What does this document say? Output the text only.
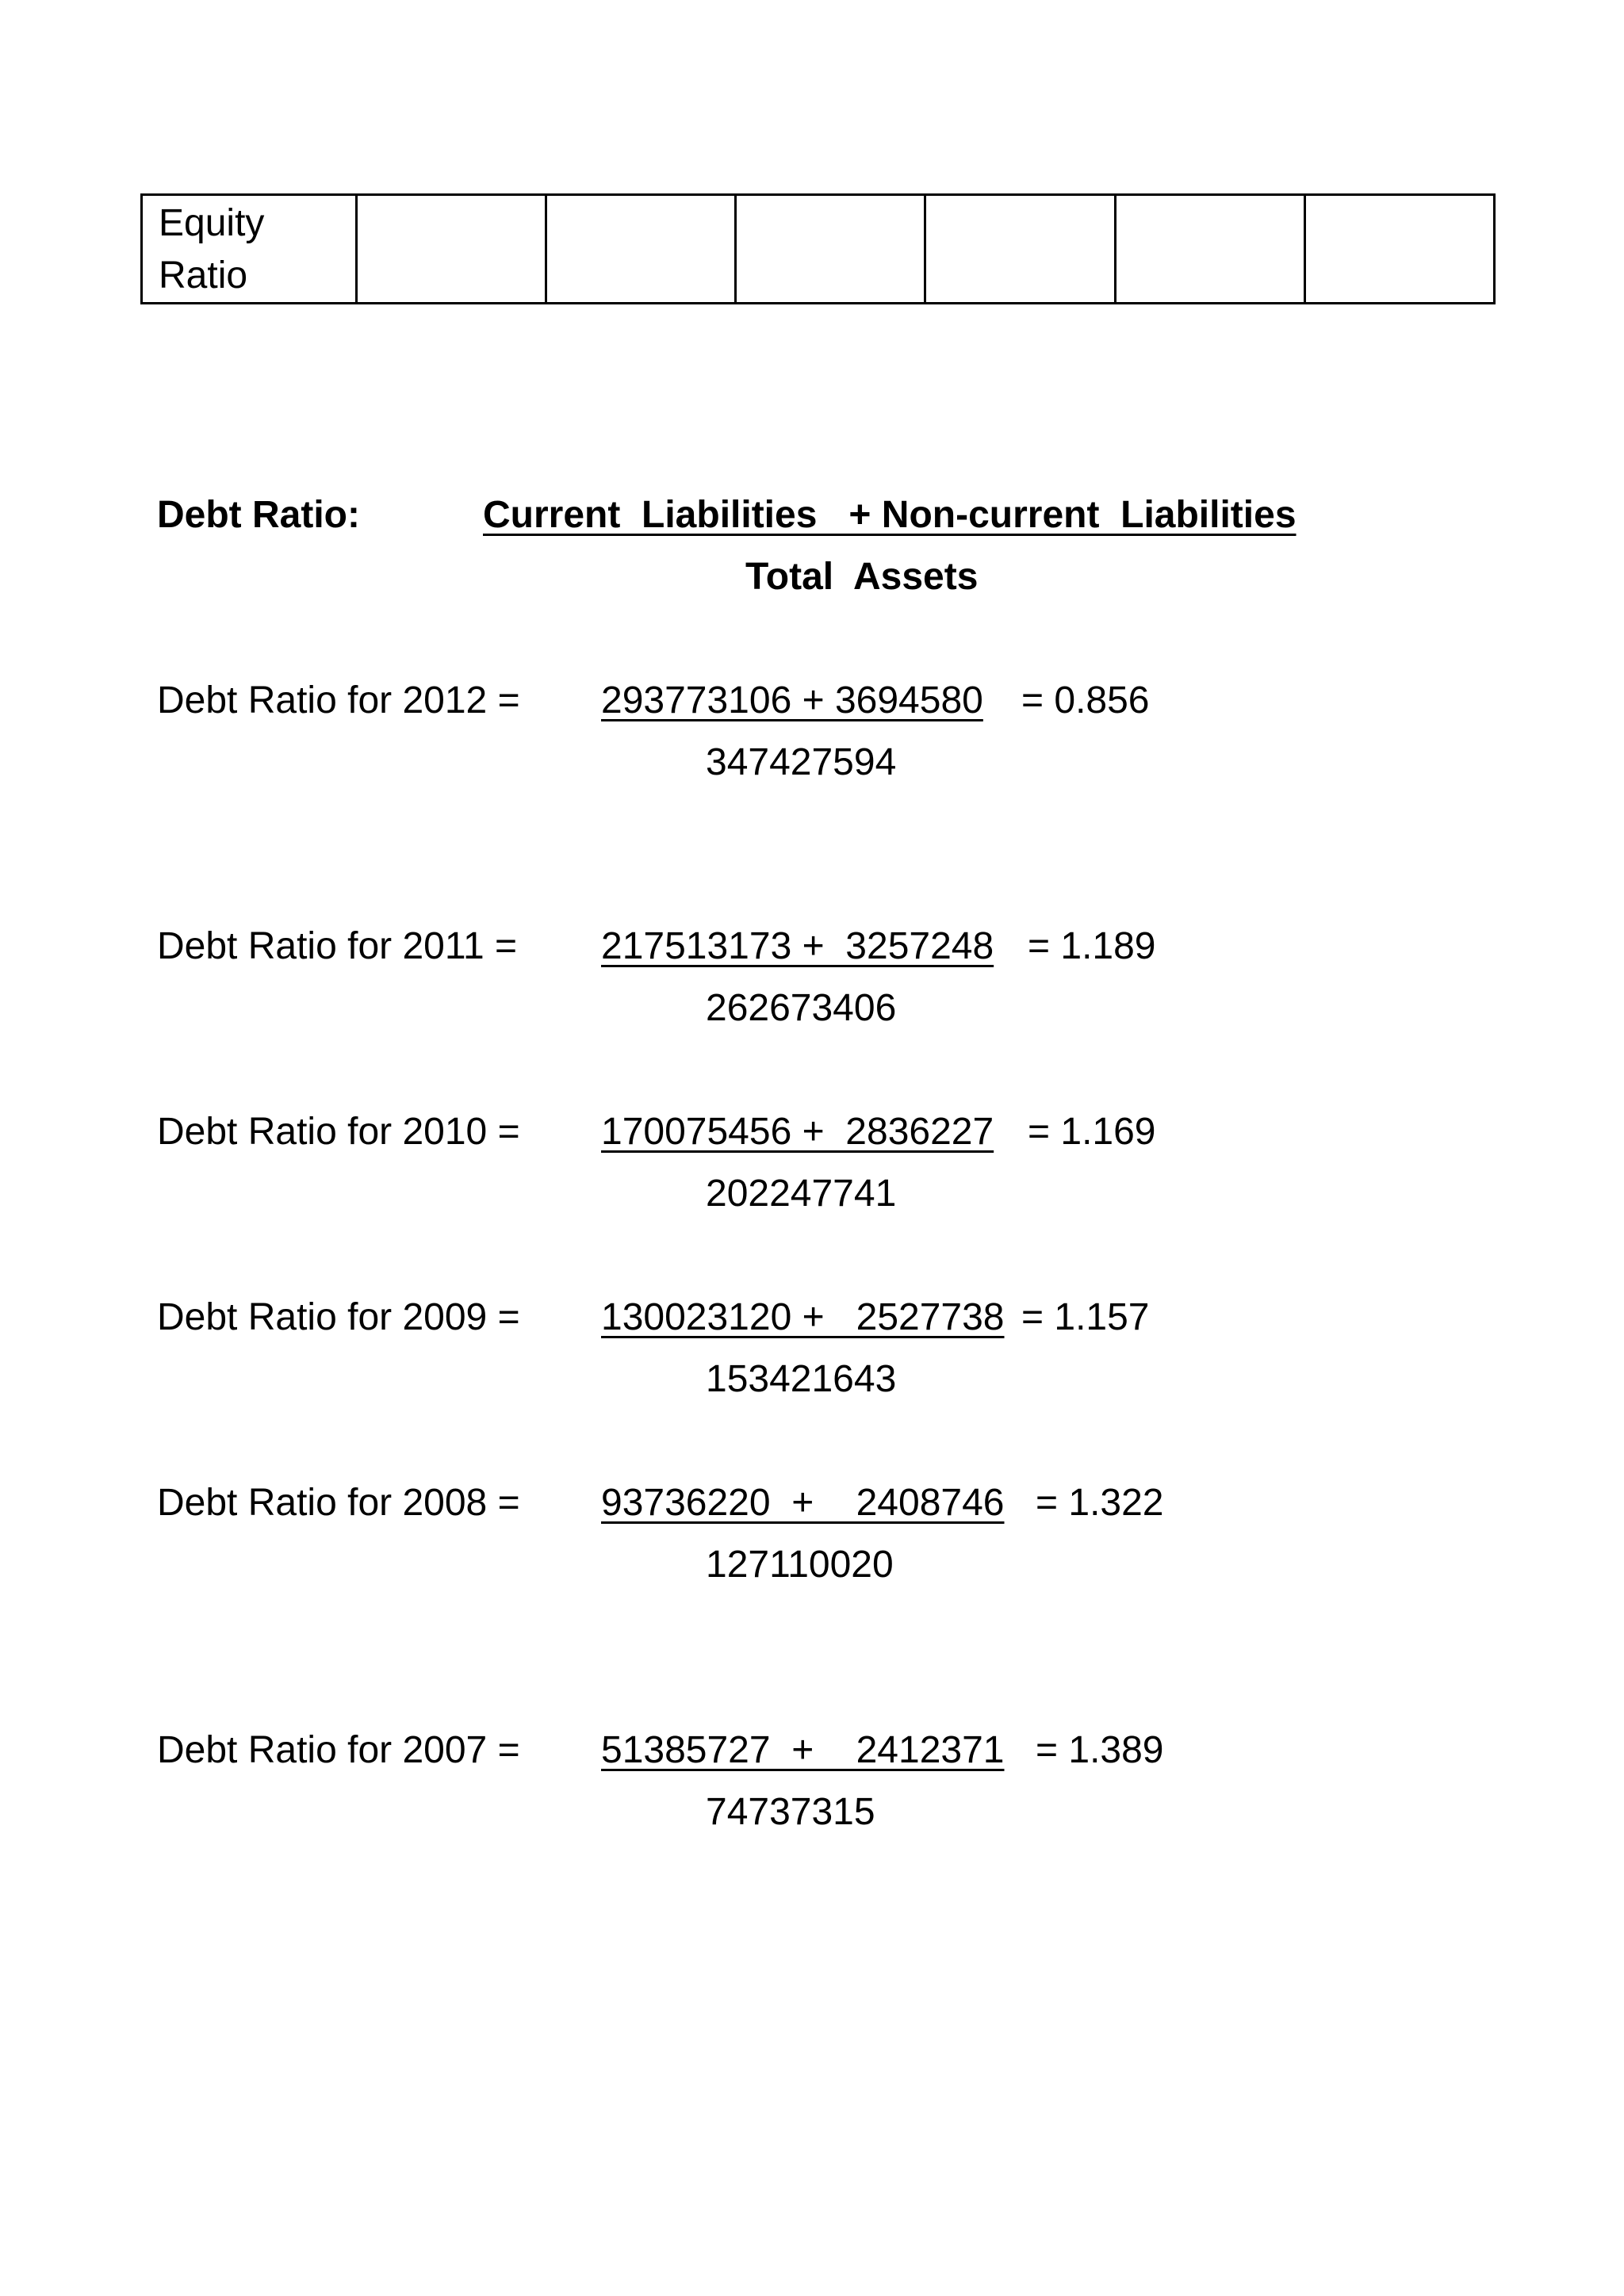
Equity
Ratio						
Debt Ratio:	Current  Liabilities   + Non-current  Liabilities
Total  Assets
Debt Ratio for 2012 = 293773106 + 3694580 = 0.856
347427594
Debt Ratio for 2011 = 217513173 +  3257248 = 1.189
262673406
Debt Ratio for 2010 = 170075456 +  2836227 = 1.169
202247741
Debt Ratio for 2009 = 130023120 +   2527738 = 1.157
153421643
Debt Ratio for 2008 = 93736220  +    2408746 = 1.322
127110020
Debt Ratio for 2007 = 51385727  +    2412371 = 1.389
74737315
